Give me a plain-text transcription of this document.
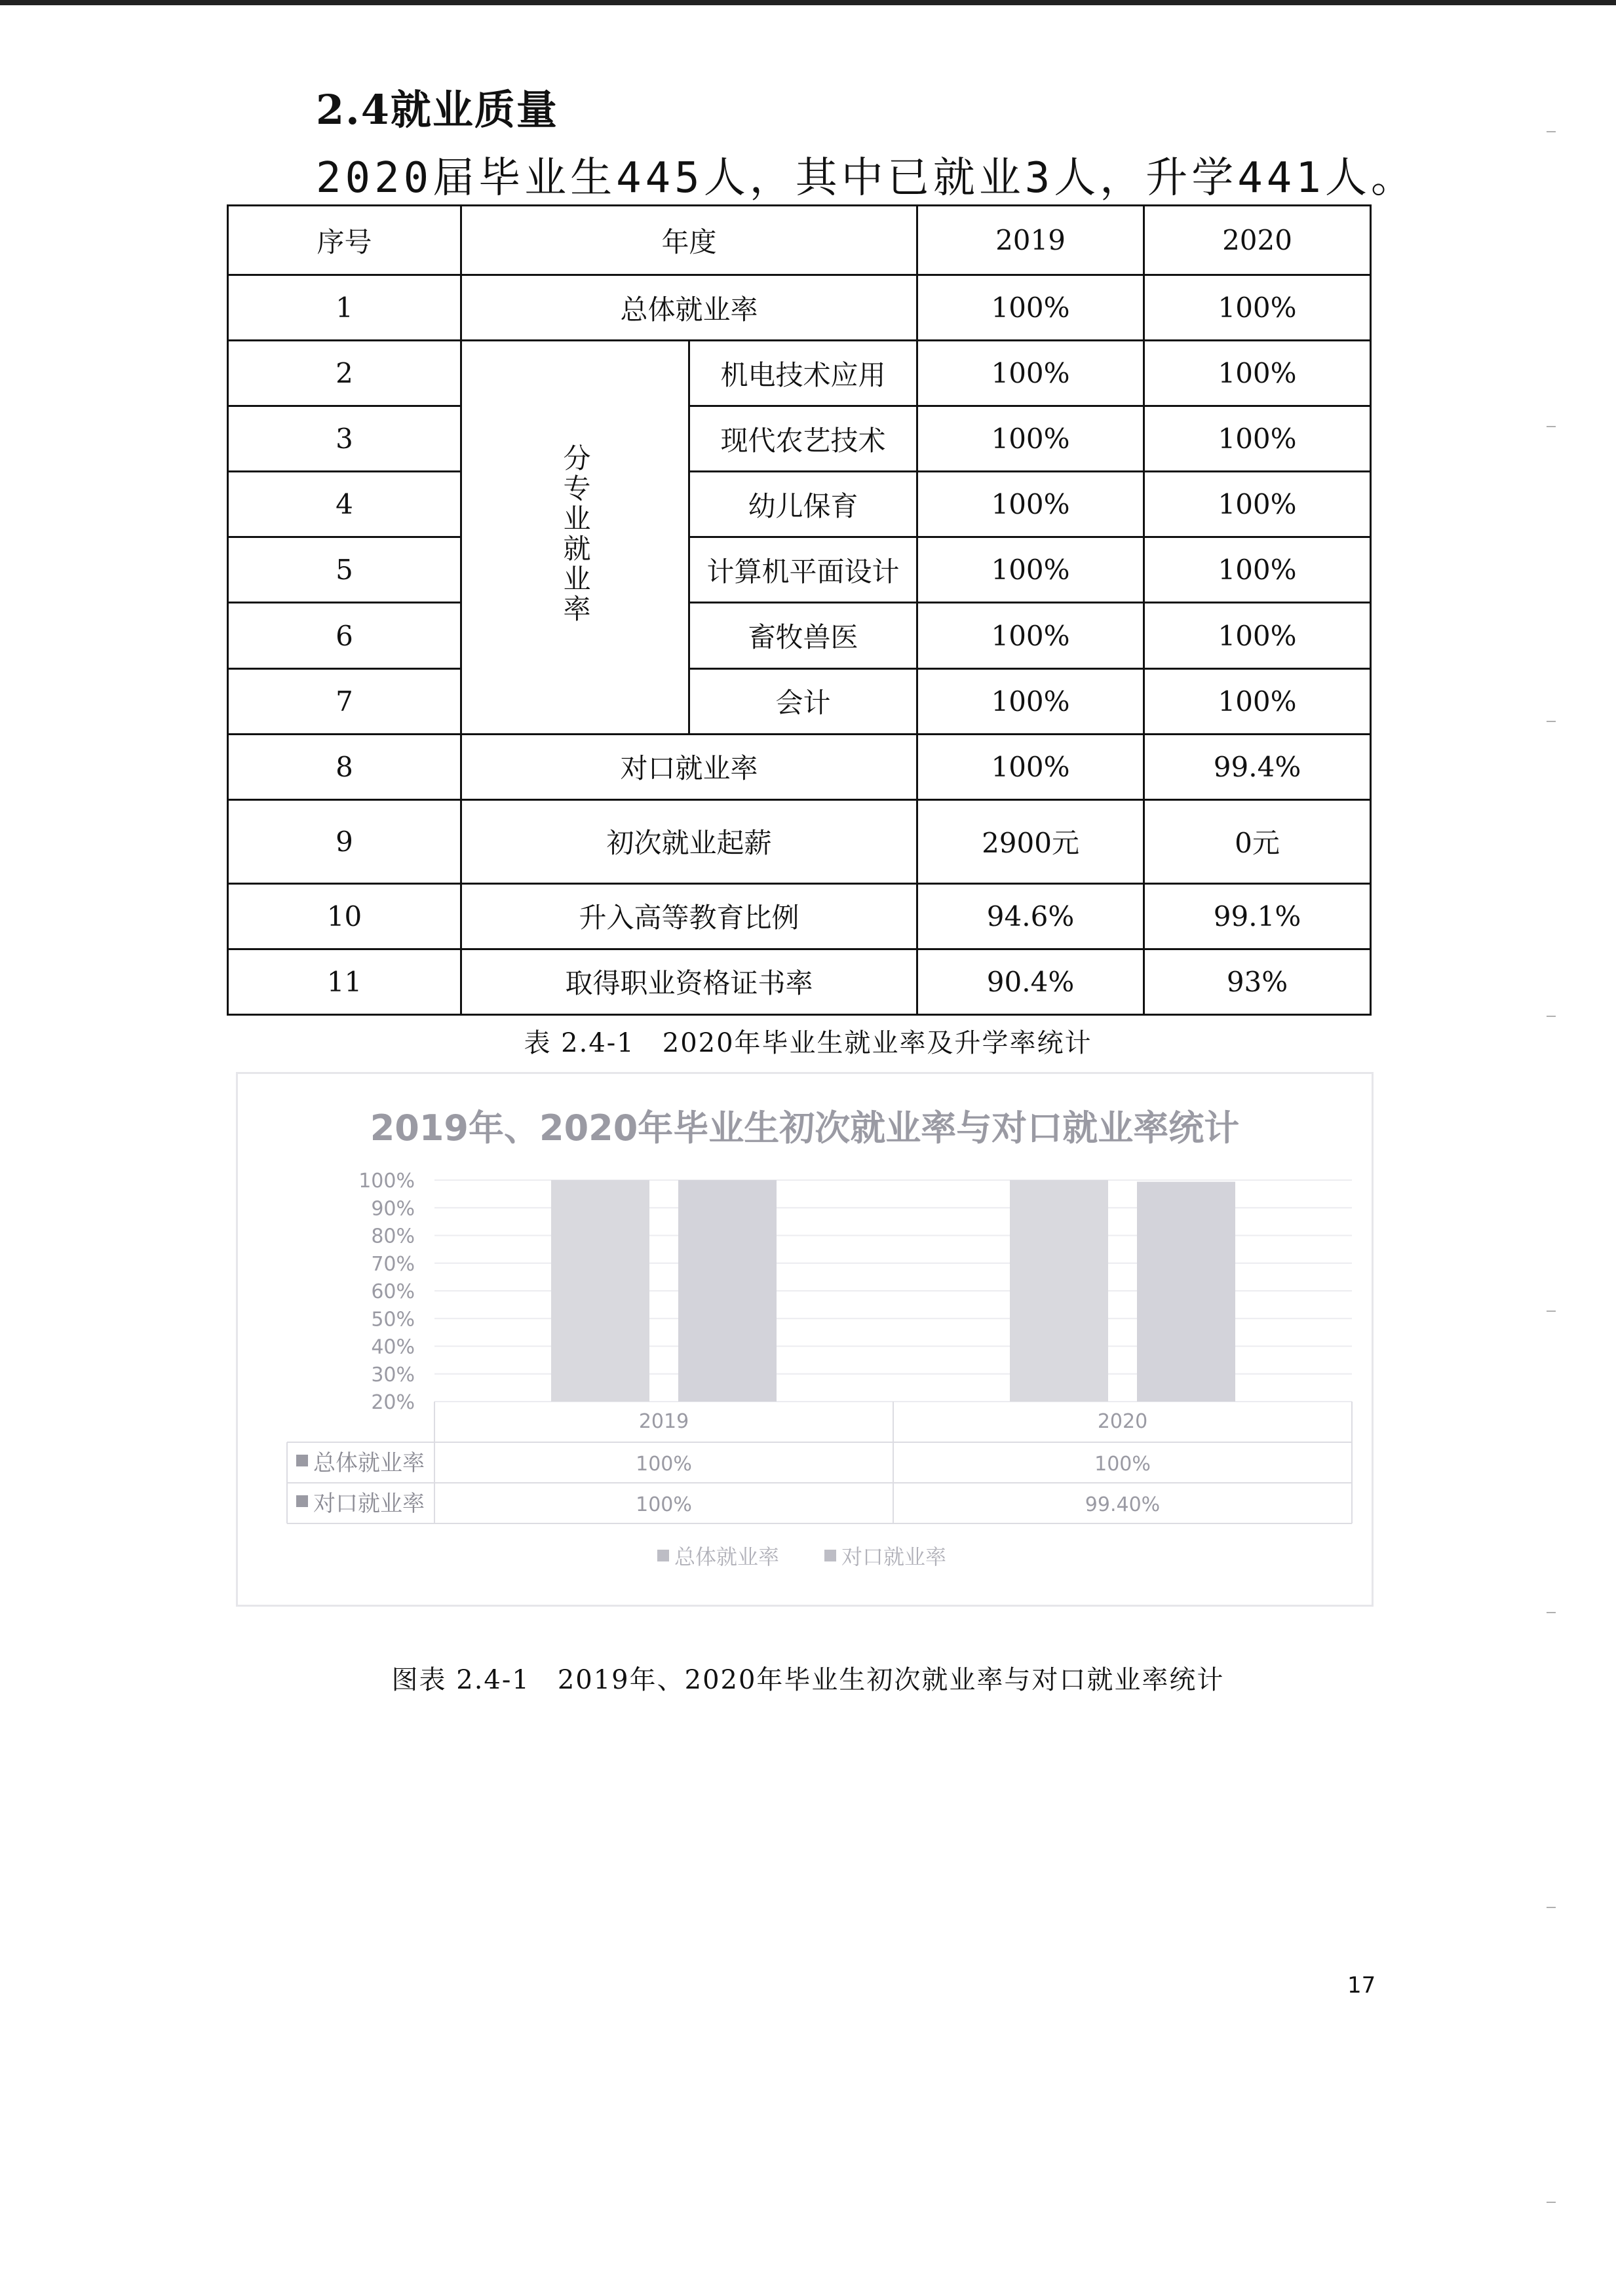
2.4就业质量
2020届毕业生445人，其中已就业3人，升学441人。
序号	年度		2019	2020
1	总体就业率		100%	100%
2	分专业就业率	机电技术应用	100%	100%
3		现代农艺技术	100%	100%
4		幼儿保育	100%	100%
5		计算机平面设计	100%	100%
6		畜牧兽医	100%	100%
7		会计	100%	100%
8	对口就业率		100%	99.4%
9	初次就业起薪		2900元	0元
10	升入高等教育比例		94.6%	99.1%
11	取得职业资格证书率		90.4%	93%
表 2.4-1　2020年毕业生就业率及升学率统计
2019年、2020年毕业生初次就业率与对口就业率统计
100%
90%
80%
70%
60%
50%
40%
30%
20%
2019	2020
总体就业率	100%	100%
对口就业率	100%	99.40%
总体就业率	对口就业率
图表 2.4-1　2019年、2020年毕业生初次就业率与对口就业率统计
17
